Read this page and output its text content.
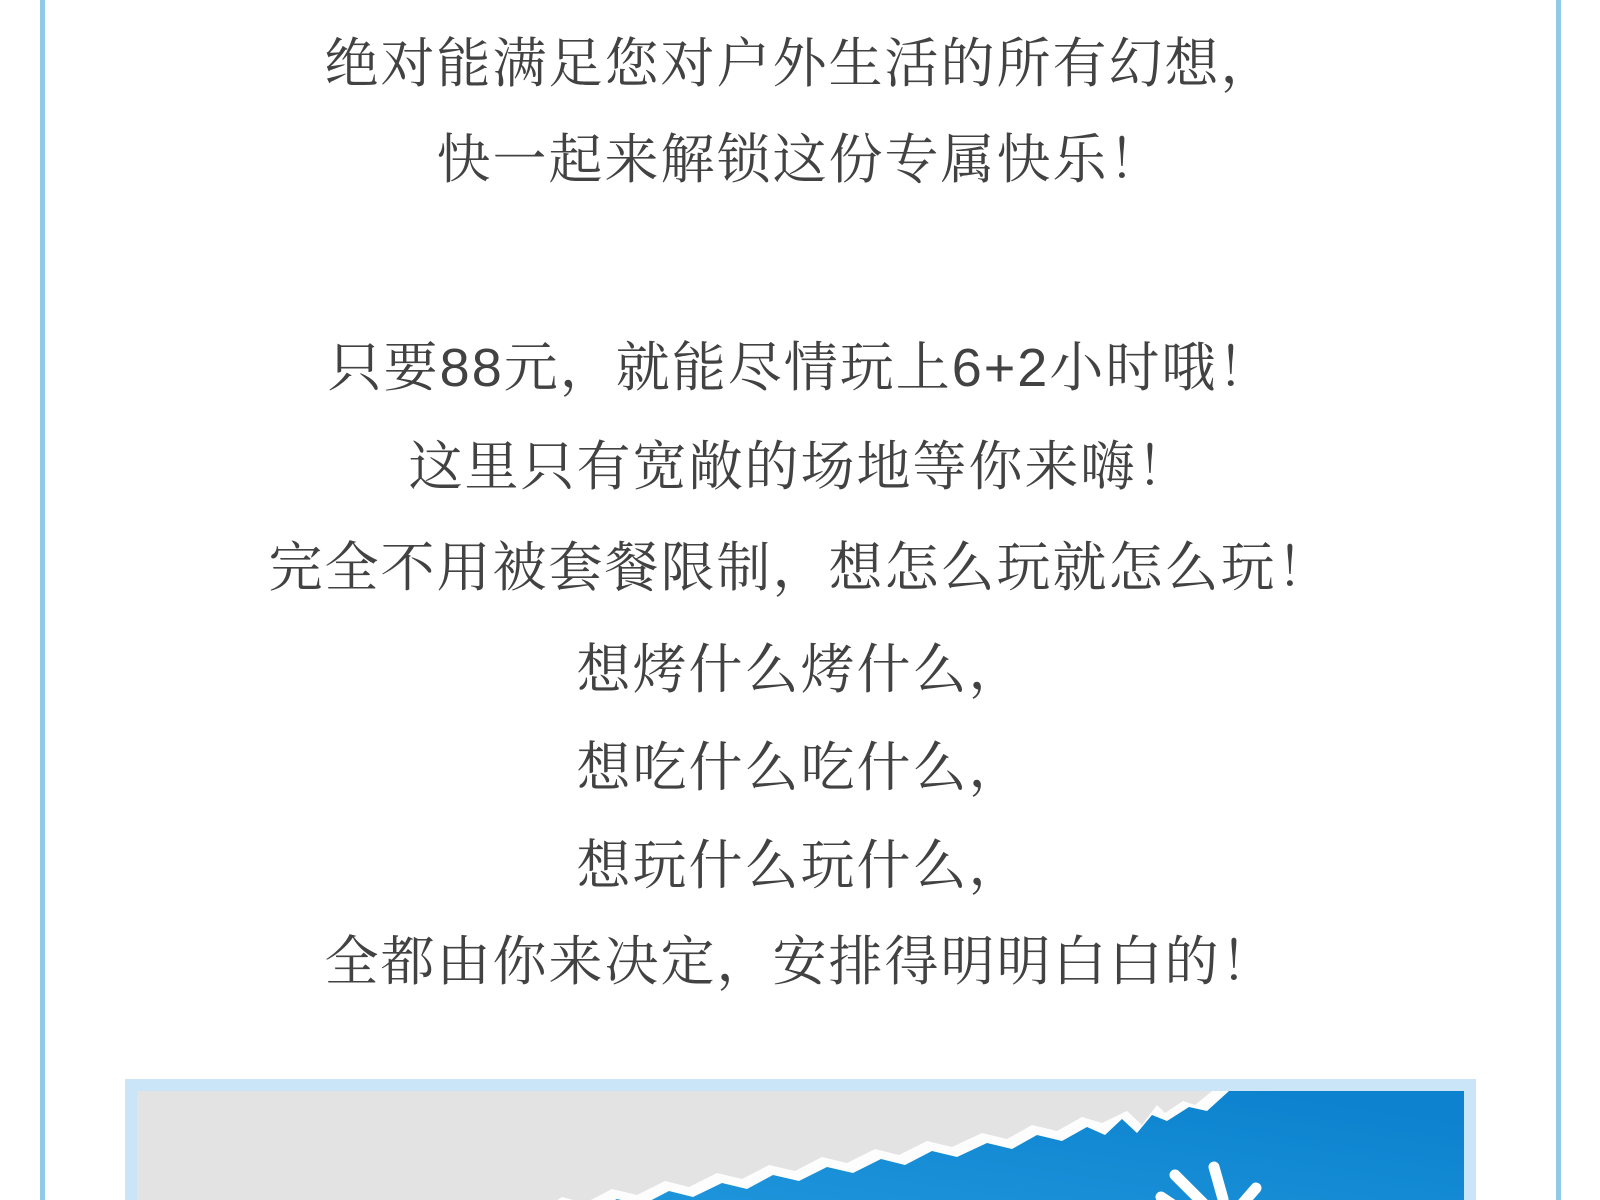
绝对能满足您对户外生活的所有幻想，

快一起来解锁这份专属快乐！

只要88元，就能尽情玩上6+2小时哦！

这里只有宽敞的场地等你来嗨！

完全不用被套餐限制，想怎么玩就怎么玩！

想烤什么烤什么，

想吃什么吃什么，

想玩什么玩什么，

全都由你来决定，安排得明明白白的！
